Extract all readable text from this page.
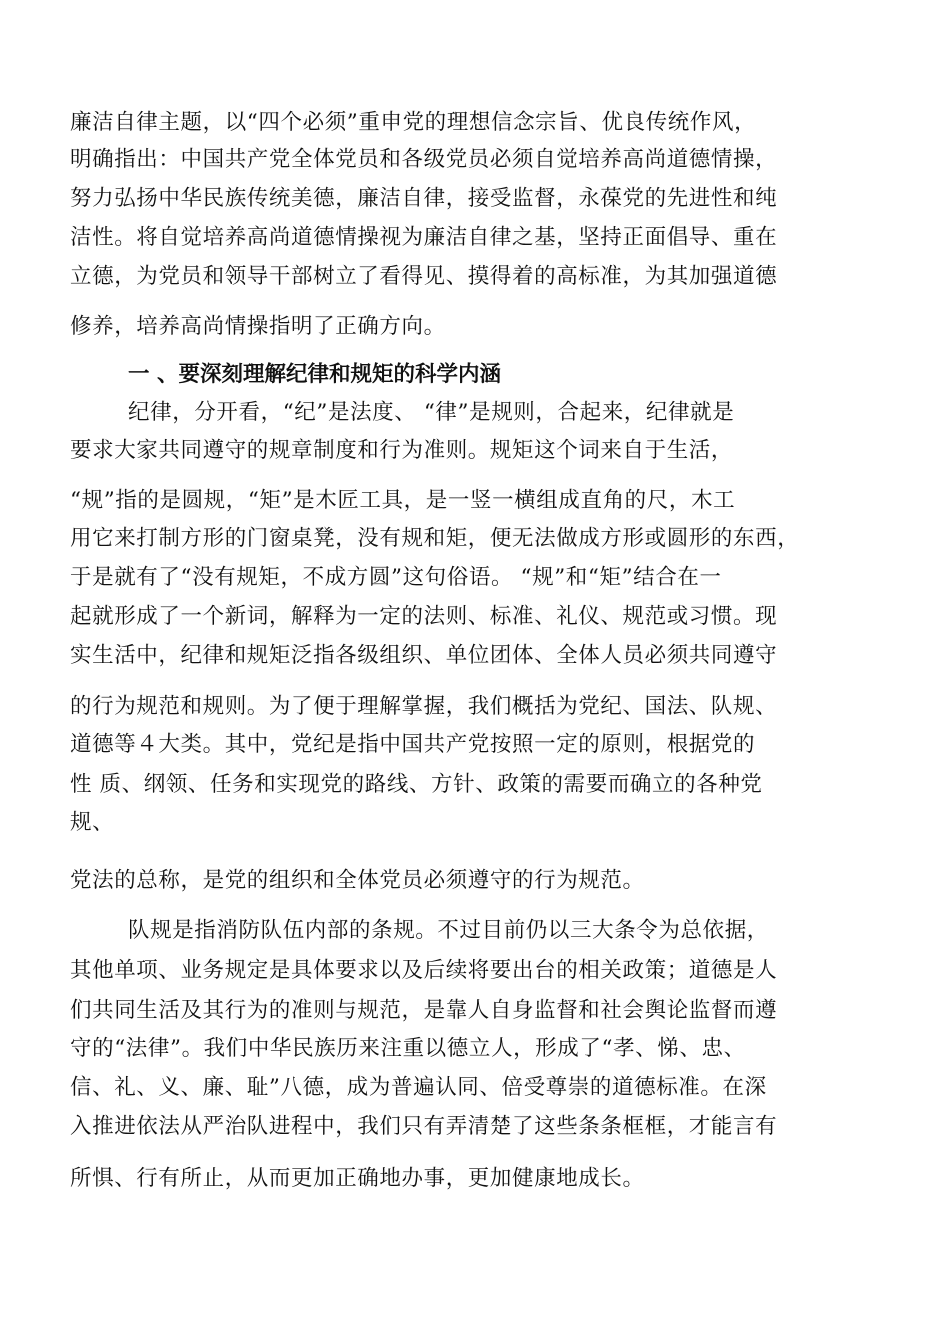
廉洁自律主题，以“四个必须”重申党的理想信念宗旨、优良传统作风，
明确指出：中国共产党全体党员和各级党员必须自觉培养高尚道德情操，
努力弘扬中华民族传统美德，廉洁自律，接受监督，永葆党的先进性和纯
洁性。将自觉培养高尚道德情操视为廉洁自律之基，坚持正面倡导、重在
立德，为党员和领导干部树立了看得见、摸得着的高标准，为其加强道德
修养，培养高尚情操指明了正确方向。
一 、要深刻理解纪律和规矩的科学内涵
纪律，分开看，“纪”是法度、 “律”是规则，合起来，纪律就是
要求大家共同遵守的规章制度和行为准则。规矩这个词来自于生活，
“规”指的是圆规，“矩”是木匠工具，是一竖一横组成直角的尺，木工
用它来打制方形的门窗桌凳，没有规和矩，便无法做成方形或圆形的东西，
于是就有了“没有规矩，不成方圆”这句俗语。 “规”和“矩”结合在一
起就形成了一个新词，解释为一定的法则、标准、礼仪、规范或习惯。现
实生活中，纪律和规矩泛指各级组织、单位团体、全体人员必须共同遵守
的行为规范和规则。为了便于理解掌握，我们概括为党纪、国法、队规、
道德等４大类。其中，党纪是指中国共产党按照一定的原则，根据党的
性 质、纲领、任务和实现党的路线、方针、政策的需要而确立的各种党
规、
党法的总称，是党的组织和全体党员必须遵守的行为规范。
队规是指消防队伍内部的条规。不过目前仍以三大条令为总依据，
其他单项、业务规定是具体要求以及后续将要出台的相关政策；道德是人
们共同生活及其行为的准则与规范，是靠人自身监督和社会舆论监督而遵
守的“法律”。我们中华民族历来注重以德立人，形成了“孝、悌、忠、
信、礼、义、廉、耻”八德，成为普遍认同、倍受尊崇的道德标准。在深
入推进依法从严治队进程中，我们只有弄清楚了这些条条框框，才能言有
所惧、行有所止，从而更加正确地办事，更加健康地成长。
